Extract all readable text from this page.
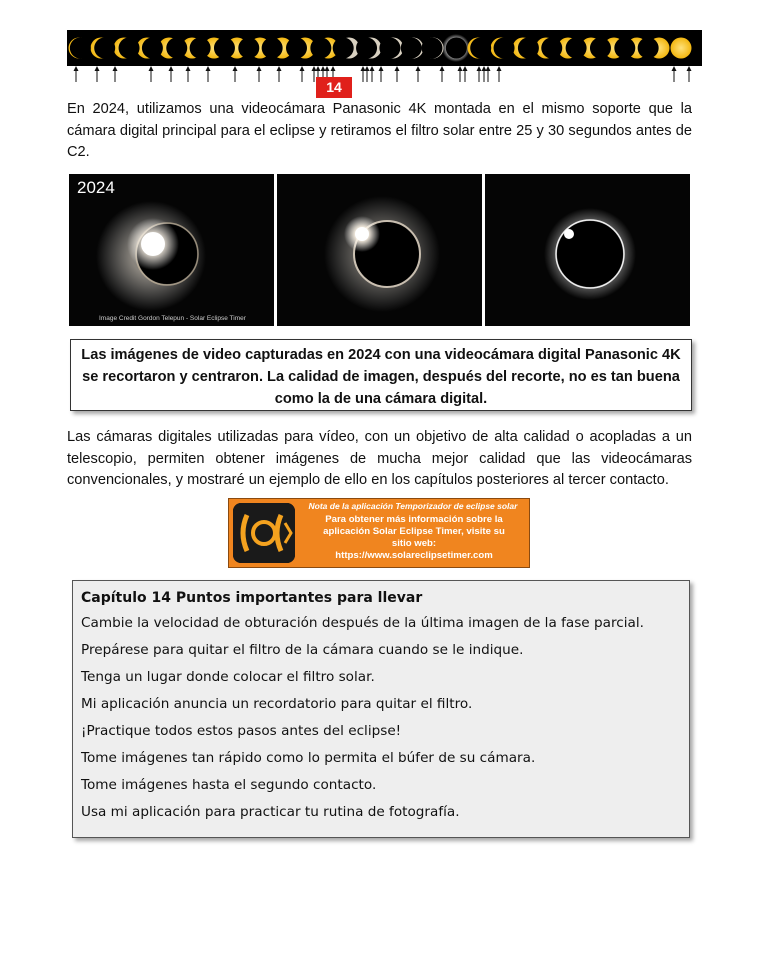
14

En 2024, utilizamos una videocámara Panasonic 4K montada en el mismo soporte que la cámara digital principal para el eclipse y retiramos el filtro solar entre 25 y 30 segundos antes de C2.

2024
Image Credit Gordon Telepun - Solar Eclipse Timer
Las imágenes de video capturadas en 2024 con una videocámara digital Panasonic 4K se recortaron y centraron. La calidad de imagen, después del recorte, no es tan buena como la de una cámara digital.

Las cámaras digitales utilizadas para vídeo, con un objetivo de alta calidad o acopladas a un telescopio, permiten obtener imágenes de mucha mejor calidad que las videocámaras convencionales, y mostraré un ejemplo de ello en los capítulos posteriores al tercer contacto.

Nota de la aplicación Temporizador de eclipse solar
Para obtener más información sobre la
aplicación Solar Eclipse Timer, visite su
sitio web:
https://www.solareclipsetimer.com
Capítulo 14 Puntos importantes para llevar
Cambie la velocidad de obturación después de la última imagen de la fase parcial.
Prepárese para quitar el filtro de la cámara cuando se le indique.
Tenga un lugar donde colocar el filtro solar.
Mi aplicación anuncia un recordatorio para quitar el filtro.
¡Practique todos estos pasos antes del eclipse!
Tome imágenes tan rápido como lo permita el búfer de su cámara.
Tome imágenes hasta el segundo contacto.
Usa mi aplicación para practicar tu rutina de fotografía.
